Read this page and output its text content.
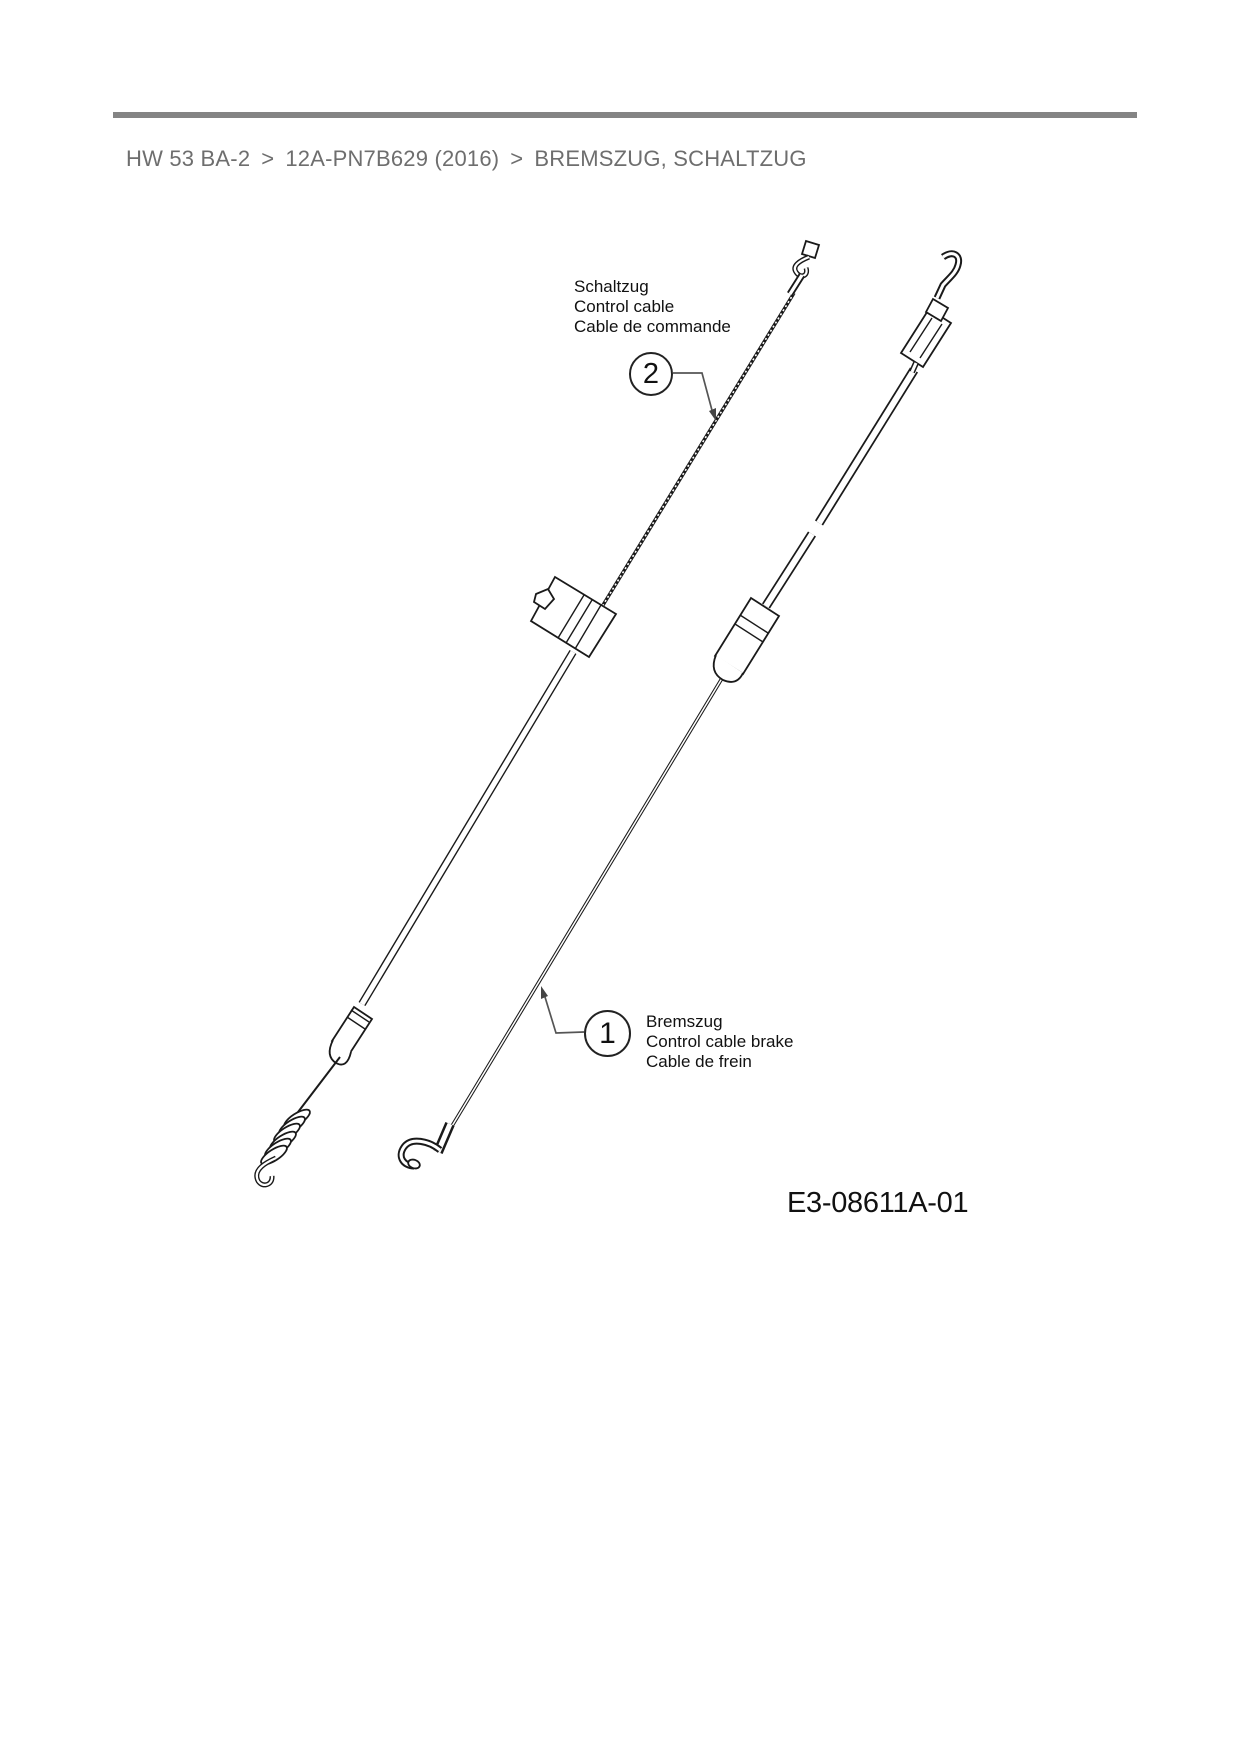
HW 53 BA-2 > 12A-PN7B629 (2016) > BREMSZUG, SCHALTZUG
Schaltzug
Control cable
Cable de commande
2
Bremszug
Control cable brake
Cable de frein
1
E3-08611A-01
